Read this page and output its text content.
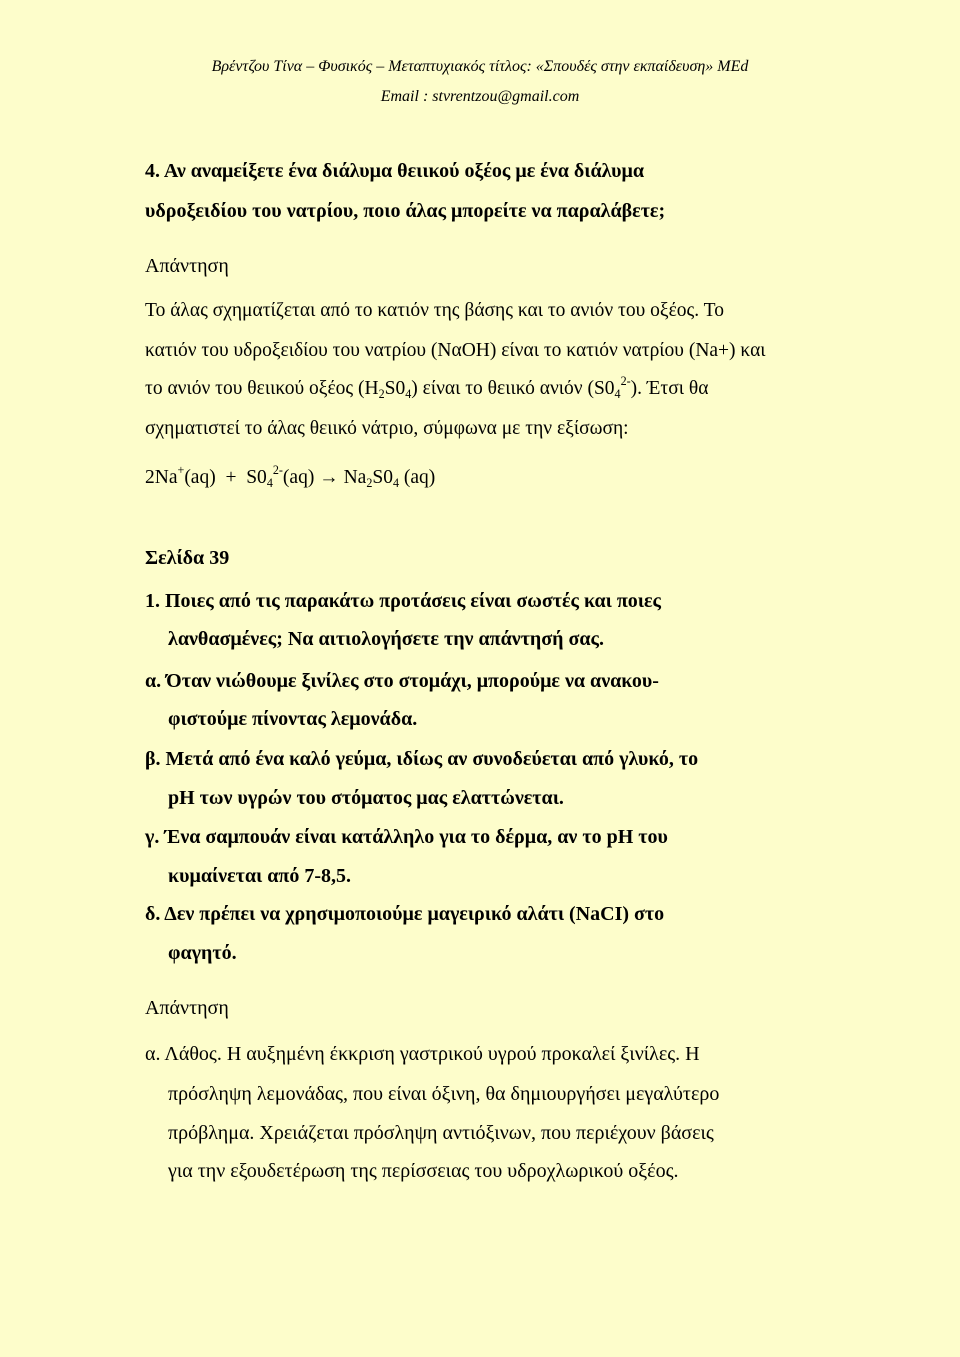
Βρέντζου Τίνα – Φυσικός – Μεταπτυχιακός τίτλος: «Σπουδές στην εκπαίδευση» MEd
Email : stvrentzou@gmail.com
4. Αν αναμείξετε ένα διάλυμα θειικού οξέος με ένα διάλυμα
υδροξειδίου του νατρίου, ποιο άλας μπορείτε να παραλάβετε;
Απάντηση
Το άλας σχηματίζεται από το κατιόν της βάσης και το ανιόν του οξέος. Το
κατιόν του υδροξειδίου του νατρίου (ΝαΟΗ) είναι το κατιόν νατρίου (Na+) και
το ανιόν του θειικού οξέος $(H_2S0_4)$ είναι το θειικό ανιόν $(S0_4^{2-})$. Έτσι θα
σχηματιστεί το άλας θειικό νάτριο, σύμφωνα με την εξίσωση:
$2Na^+(aq) + S0_4^{2-}(aq) \to Na_2S0_4$ (aq)
Σελίδα 39
1. Ποιες από τις παρακάτω προτάσεις είναι σωστές και ποιες
λανθασμένες; Να αιτιολογήσετε την απάντησή σας.
α. Όταν νιώθουμε ξινίλες στο στομάχι, μπορούμε να ανακου-
φιστούμε πίνοντας λεμονάδα.
β. Μετά από ένα καλό γεύμα, ιδίως αν συνοδεύεται από γλυκό, το
pH των υγρών του στόματος μας ελαττώνεται.
γ. Ένα σαμπουάν είναι κατάλληλο για το δέρμα, αν το pH του
κυμαίνεται από 7-8,5.
δ. Δεν πρέπει να χρησιμοποιούμε μαγειρικό αλάτι (NaCI) στο
φαγητό.
Απάντηση
α. Λάθος. Η αυξημένη έκκριση γαστρικού υγρού προκαλεί ξινίλες. Η
πρόσληψη λεμονάδας, που είναι όξινη, θα δημιουργήσει μεγαλύτερο
πρόβλημα. Χρειάζεται πρόσληψη αντιόξινων, που περιέχουν βάσεις
για την εξουδετέρωση της περίσσειας του υδροχλωρικού οξέος.
